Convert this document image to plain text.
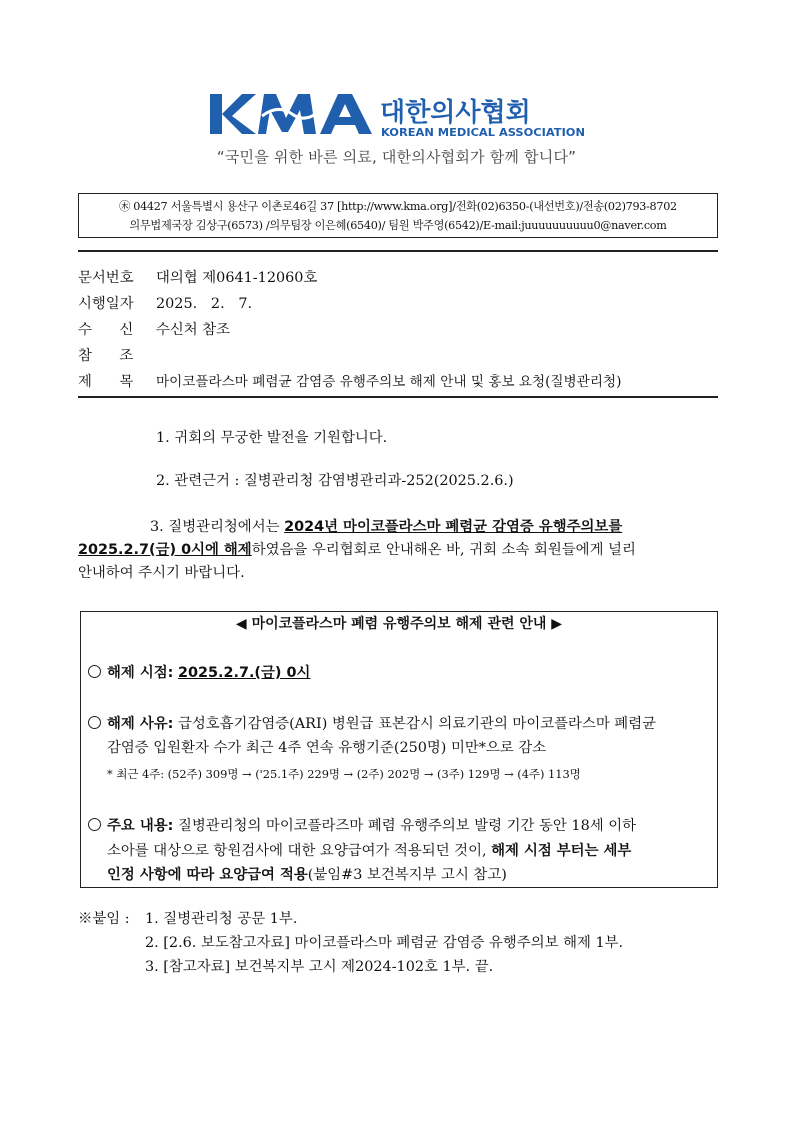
대한의사협회
KOREAN MEDICAL ASSOCIATION
“국민을 위한 바른 의료, 대한의사협회가 함께 합니다”
㊍ 04427 서울특별시 용산구 이촌로46길 37 [http://www.kma.org]/전화(02)6350-(내선번호)/전송(02)793-8702
의무법제국장 김상구(6573) /의무팀장 이은혜(6540)/ 팀원 박주영(6542)/E-mail:juuuuuuuuuu0@naver.com
문서번호 대의협 제0641-12060호
시행일자 2025.   2.   7.
수      신 수신처 참조
참      조
제      목 마이코플라스마 폐렴균 감염증 유행주의보 해제 안내 및 홍보 요청(질병관리청)
1. 귀회의 무궁한 발전을 기원합니다.
2. 관련근거 : 질병관리청 감염병관리과-252(2025.2.6.)
3. 질병관리청에서는 2024년 마이코플라스마 폐렴균 감염증 유행주의보를
2025.2.7(금) 0시에 해제하였음을 우리협회로 안내해온 바, 귀회 소속 회원들에게 널리
안내하여 주시기 바랍니다.
◀ 마이코플라스마 폐렴 유행주의보 해제 관련 안내 ▶
해제 시점: 2025.2.7.(금) 0시
해제 사유: 급성호흡기감염증(ARI) 병원급 표본감시 의료기관의 마이코플라스마 폐렴균
감염증 입원환자 수가 최근 4주 연속 유행기준(250명) 미만*으로 감소
* 최근 4주: (52주) 309명 → ('25.1주) 229명 → (2주) 202명 → (3주) 129명 → (4주) 113명
주요 내용: 질병관리청의 마이코플라즈마 폐렴 유행주의보 발령 기간 동안 18세 이하
소아를 대상으로 항원검사에 대한 요양급여가 적용되던 것이, 해제 시점 부터는 세부
인정 사항에 따라 요양급여 적용(붙임#3 보건복지부 고시 참고)
※붙임 : 1. 질병관리청 공문 1부.
2. [2.6. 보도참고자료] 마이코플라스마 폐렴균 감염증 유행주의보 해제 1부.
3. [참고자료] 보건복지부 고시 제2024-102호 1부. 끝.
